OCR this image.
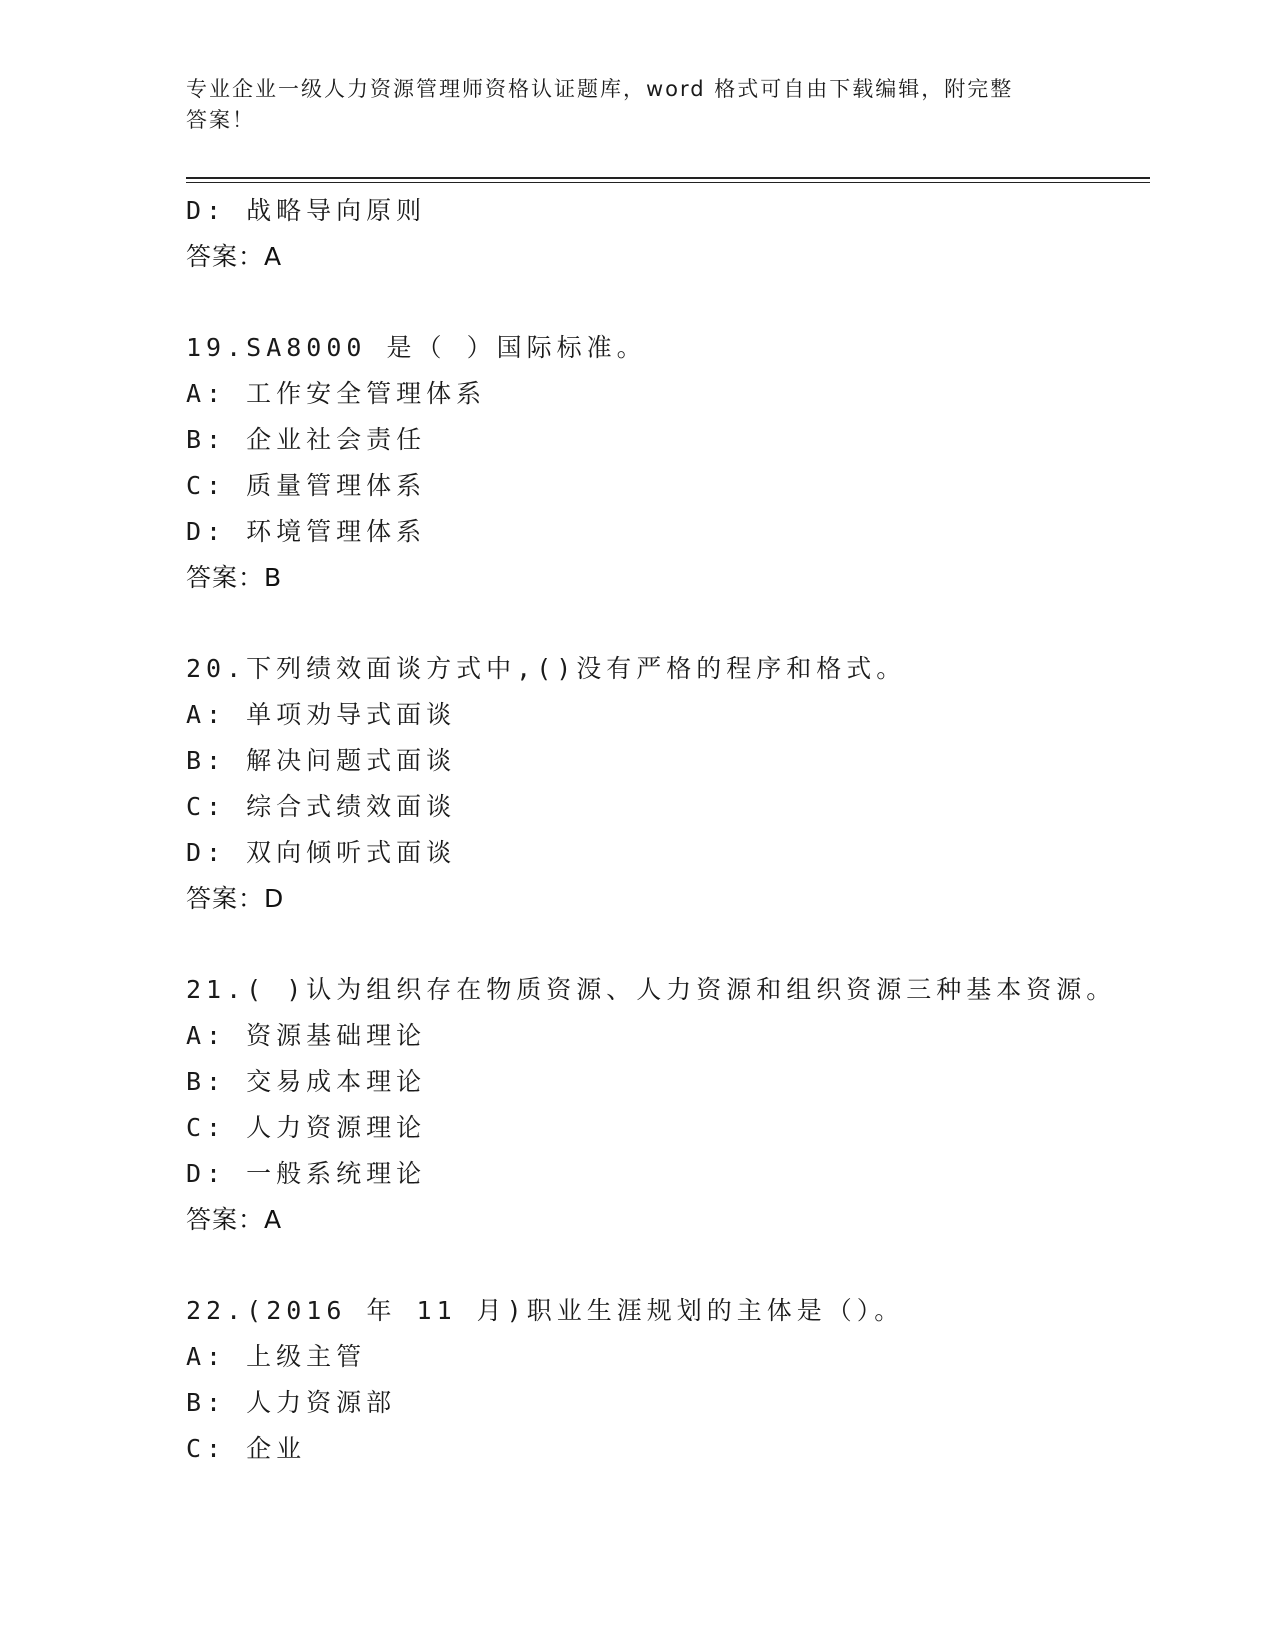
专业企业一级人力资源管理师资格认证题库，word 格式可自由下载编辑，附完整
答案！
D: 战略导向原则
答案：A
19.SA8000 是（ ）国际标准。
A: 工作安全管理体系
B: 企业社会责任
C: 质量管理体系
D: 环境管理体系
答案：B
20.下列绩效面谈方式中,()没有严格的程序和格式。
A: 单项劝导式面谈
B: 解决问题式面谈
C: 综合式绩效面谈
D: 双向倾听式面谈
答案：D
21.( )认为组织存在物质资源、人力资源和组织资源三种基本资源。
A: 资源基础理论
B: 交易成本理论
C: 人力资源理论
D: 一般系统理论
答案：A
22.(2016 年 11 月)职业生涯规划的主体是（）。
A: 上级主管
B: 人力资源部
C: 企业
